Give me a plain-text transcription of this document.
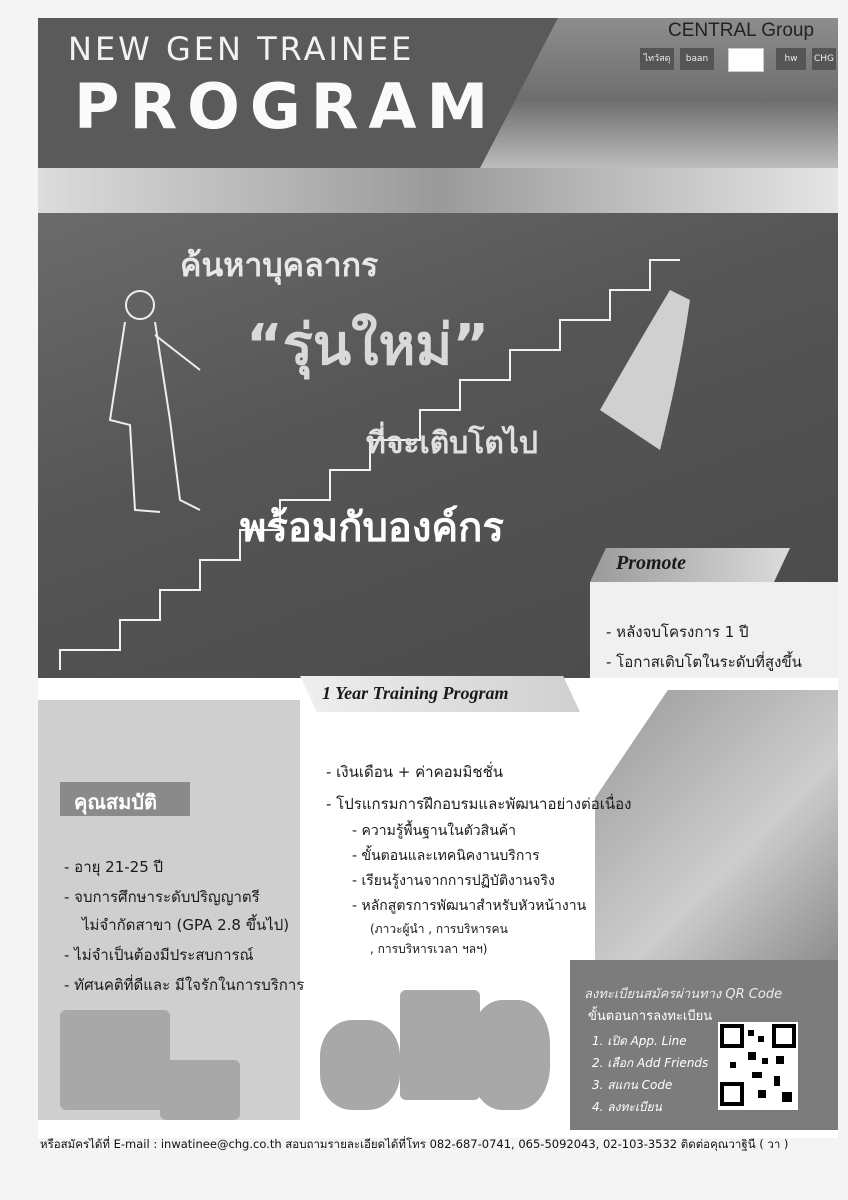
NEW GEN TRAINEE
PROGRAM
CENTRAL Group
ไทวัสดุ	baan	hw	CHG
ค้นหาบุคลากร
“รุ่นใหม่”
ที่จะเติบโตไป
พร้อมกับองค์กร
Promote
- หลังจบโครงการ 1 ปี
- โอกาสเติบโตในระดับที่สูงขึ้น
1 Year Training Program
- เงินเดือน + ค่าคอมมิชชั่น
- โปรแกรมการฝึกอบรมและพัฒนาอย่างต่อเนื่อง
- ความรู้พื้นฐานในตัวสินค้า
- ขั้นตอนและเทคนิคงานบริการ
- เรียนรู้งานจากการปฏิบัติงานจริง
- หลักสูตรการพัฒนาสำหรับหัวหน้างาน
(ภาวะผู้นำ , การบริหารคน
, การบริหารเวลา ฯลฯ)
คุณสมบัติ
- อายุ 21-25 ปี
- จบการศึกษาระดับปริญญาตรี
ไม่จำกัดสาขา (GPA 2.8 ขึ้นไป)
- ไม่จำเป็นต้องมีประสบการณ์
- ทัศนคติที่ดีและ มีใจรักในการบริการ
ลงทะเบียนสมัครผ่านทาง QR Code
ขั้นตอนการลงทะเบียน
1. เปิด App. Line
2. เลือก Add Friends
3. สแกน Code
4. ลงทะเบียน
หรือสมัครได้ที่ E-mail : inwatinee@chg.co.th สอบถามรายละเอียดได้ที่โทร 082-687-0741, 065-5092043, 02-103-3532 ติดต่อคุณวาฐินี ( วา )
